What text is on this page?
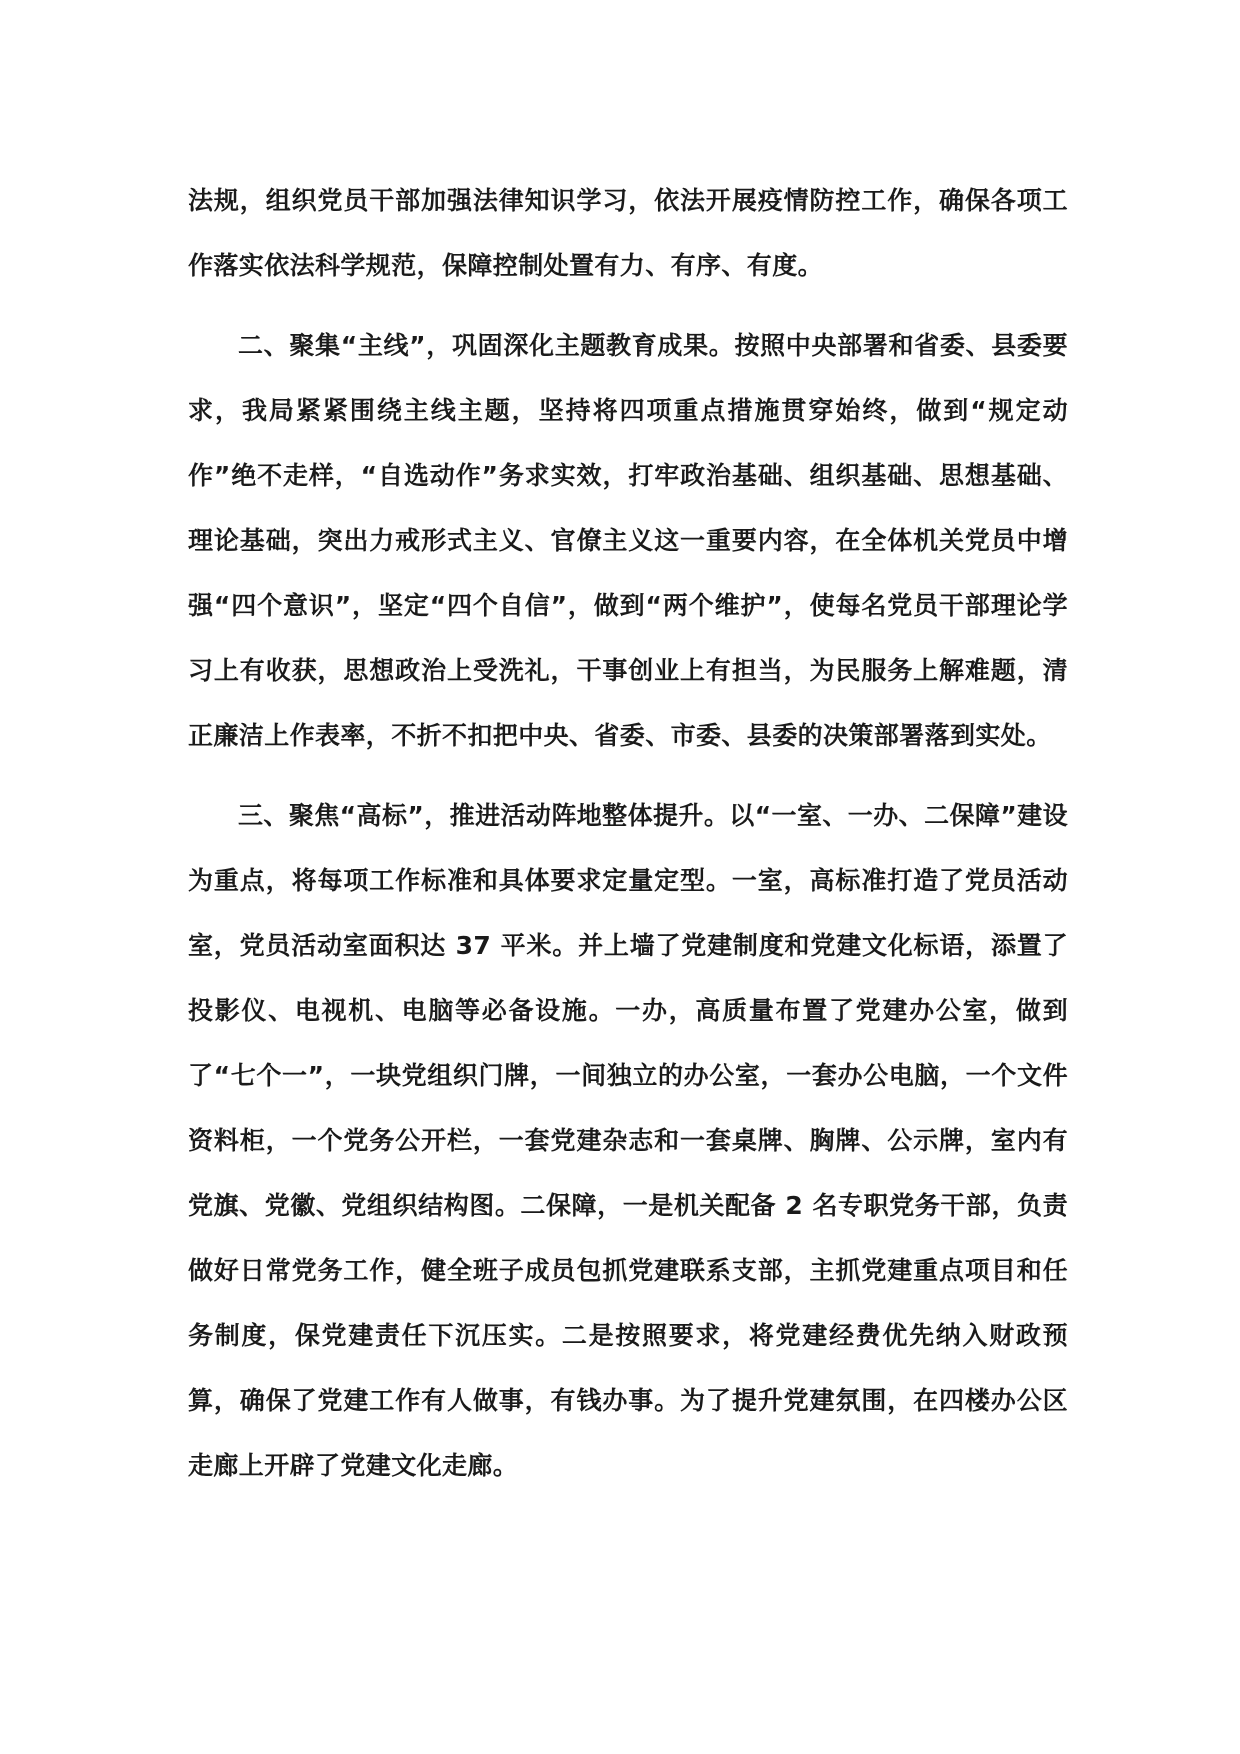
法规，组织党员干部加强法律知识学习，依法开展疫情防控工作，确保各项工作落实依法科学规范，保障控制处置有力、有序、有度。

二、聚集“主线”，巩固深化主题教育成果。按照中央部署和省委、县委要求，我局紧紧围绕主线主题，坚持将四项重点措施贯穿始终，做到“规定动作”绝不走样，“自选动作”务求实效，打牢政治基础、组织基础、思想基础、理论基础，突出力戒形式主义、官僚主义这一重要内容，在全体机关党员中增强“四个意识”，坚定“四个自信”，做到“两个维护”，使每名党员干部理论学习上有收获，思想政治上受洗礼，干事创业上有担当，为民服务上解难题，清正廉洁上作表率，不折不扣把中央、省委、市委、县委的决策部署落到实处。

三、聚焦“高标”，推进活动阵地整体提升。以“一室、一办、二保障”建设为重点，将每项工作标准和具体要求定量定型。一室，高标准打造了党员活动室，党员活动室面积达 37 平米。并上墙了党建制度和党建文化标语，添置了投影仪、电视机、电脑等必备设施。一办，高质量布置了党建办公室，做到了“七个一”，一块党组织门牌，一间独立的办公室，一套办公电脑，一个文件资料柜，一个党务公开栏，一套党建杂志和一套桌牌、胸牌、公示牌，室内有党旗、党徽、党组织结构图。二保障，一是机关配备 2 名专职党务干部，负责做好日常党务工作，健全班子成员包抓党建联系支部，主抓党建重点项目和任务制度，保党建责任下沉压实。二是按照要求，将党建经费优先纳入财政预算，确保了党建工作有人做事，有钱办事。为了提升党建氛围，在四楼办公区走廊上开辟了党建文化走廊。
